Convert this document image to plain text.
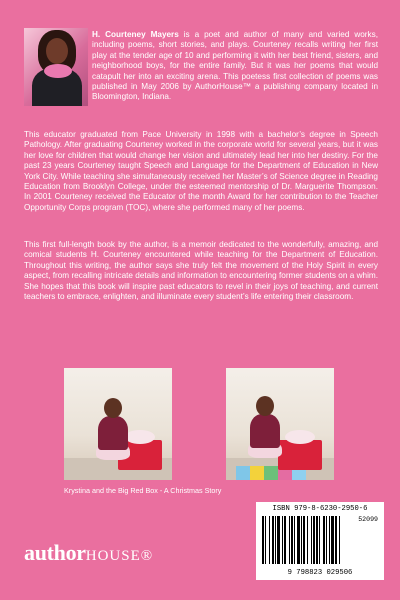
H. Courteney Mayers is a poet and author of many and varied works, including poems, short stories, and plays. Courteney recalls writing her first play at the tender age of 10 and performing it with her best friend, sisters, and neighborhood boys, for the entire family. But it was her poems that would catapult her into an exciting arena. This poetess first collection of poems was published in May 2006 by AuthorHouse™ a publishing company located in Bloomington, Indiana.

This educator graduated from Pace University in 1998 with a bachelor’s degree in Speech Pathology. After graduating Courteney worked in the corporate world for several years, but it was her love for children that would change her vision and ultimately lead her into her destiny. For the past 23 years Courteney taught Speech and Language for the Department of Education in New York City. While teaching she simultaneously received her Master’s of Science degree in Reading Education from Brooklyn College, under the esteemed mentorship of Dr. Marguerite Thompson. In 2001 Courteney received the Educator of the month Award for her contribution to the Teacher Opportunity Corps program (TOC), where she performed many of her poems.

This first full-length book by the author, is a memoir dedicated to the wonderfully, amazing, and comical students H. Courteney encountered while teaching for the Department of Education. Throughout this writing, the author says she truly felt the movement of the Holy Spirit in every aspect, from recalling intricate details and information to encountering former students on a whim. She hopes that this book will inspire past educators to revel in their joys of teaching, and current teachers to embrace, enlighten, and illuminate every student’s life entering their classroom.

Krystina and the Big Red Box - A Christmas Story
authorHOUSE®
ISBN 979-8-6230-2950-6
52099
9 798823 029506
